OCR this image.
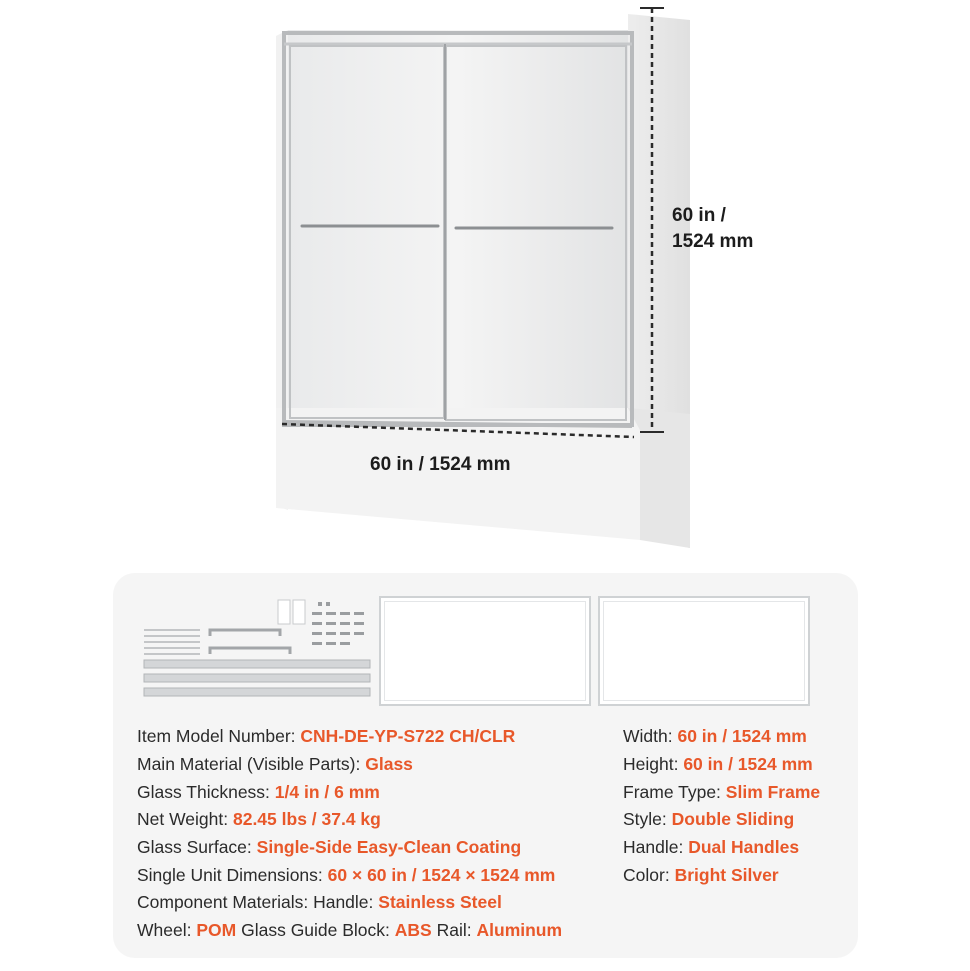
60 in /
1524 mm
60 in / 1524 mm
Item Model Number: CNH-DE-YP-S722 CH/CLR
Main Material (Visible Parts): Glass
Glass Thickness: 1/4 in / 6 mm
Net Weight: 82.45 lbs / 37.4 kg
Glass Surface: Single-Side Easy-Clean Coating
Single Unit Dimensions: 60 × 60 in / 1524 × 1524 mm
Component Materials: Handle: Stainless Steel
Wheel: POM Glass Guide Block: ABS Rail: Aluminum
Width: 60 in / 1524 mm
Height: 60 in / 1524 mm
Frame Type: Slim Frame
Style: Double Sliding
Handle: Dual Handles
Color: Bright Silver
